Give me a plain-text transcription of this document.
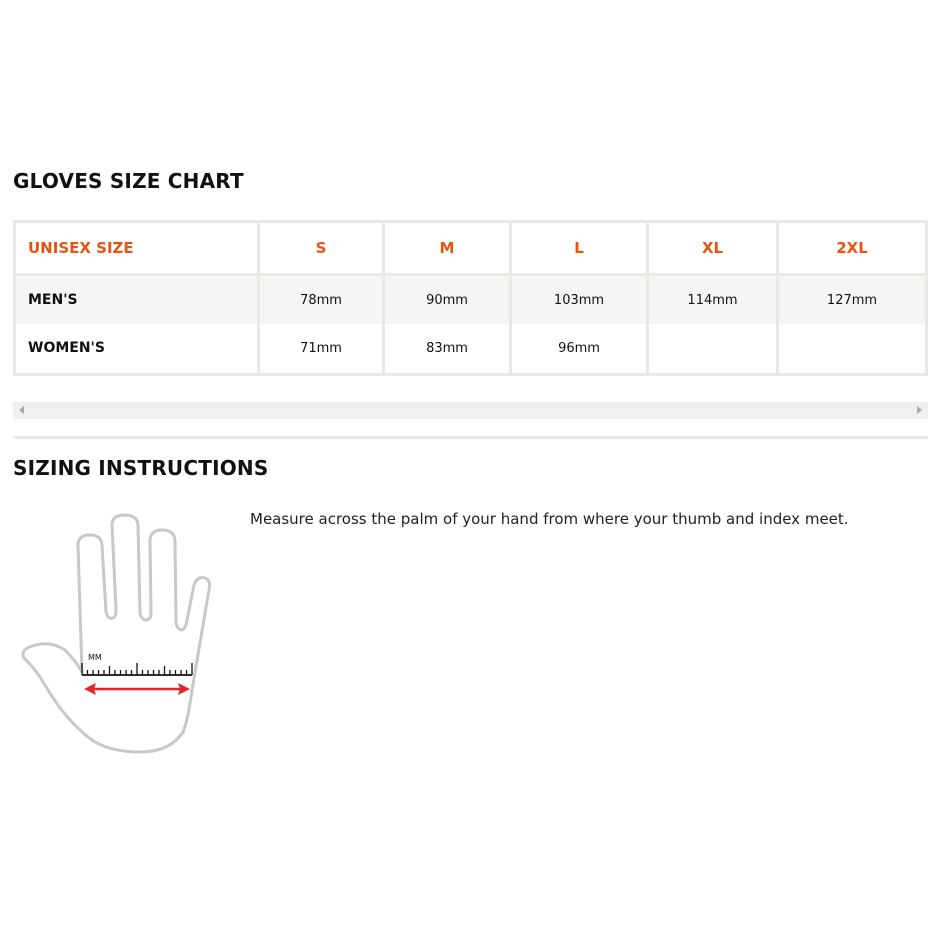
GLOVES SIZE CHART
UNISEX SIZE	S	M	L	XL	2XL
MEN'S	78mm	90mm	103mm	114mm	127mm
WOMEN'S	71mm	83mm	96mm		
SIZING INSTRUCTIONS
MM
Measure across the palm of your hand from where your thumb and index meet.
